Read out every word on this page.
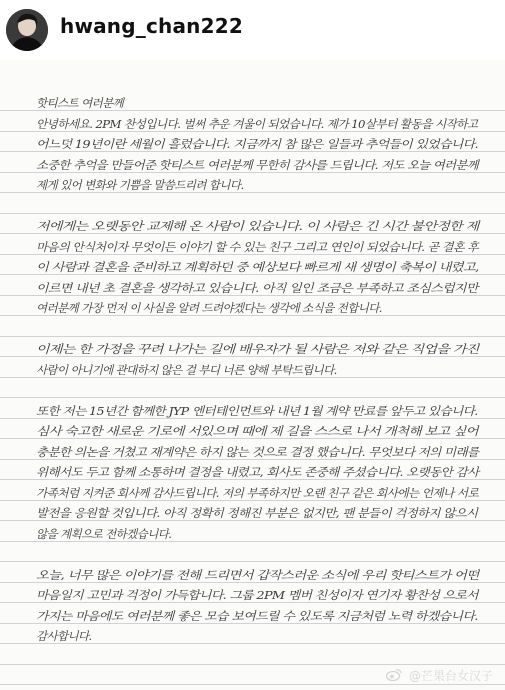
hwang_chan222
핫티스트 여러분께
안녕하세요. 2PM 찬성입니다. 벌써 추운 겨울이 되었습니다. 제가 10살부터 활동을 시작하고
어느덧 19년이란 세월이 흘렀습니다. 지금까지 참 많은 일들과 추억들이 있었습니다.
소중한 추억을 만들어준 핫티스트 여러분께 무한히 감사를 드립니다. 저도 오늘 여러분께
제게 있어 변화와 기쁨을 말씀드리려 합니다.
저에게는 오랫동안 교제해 온 사람이 있습니다. 이 사람은 긴 시간 불안정한 제
마음의 안식처이자 무엇이든 이야기 할 수 있는 친구 그리고 연인이 되었습니다. 곧 결혼 후
이 사람과 결혼을 준비하고 계획하던 중 예상보다 빠르게 새 생명이 축복이 내렸고,
이르면 내년 초 결혼을 생각하고 있습니다. 아직 일인 조금은 부족하고 조심스럽지만
여러분께 가장 먼저 이 사실을 알려 드려야겠다는 생각에 소식을 전합니다.
이제는 한 가정을 꾸려 나가는 길에 배우자가 될 사람은 저와 같은 직업을 가진
사람이 아니기에 관대하지 않은 걸 부디 너른 양해 부탁드립니다.
또한 저는 15년간 함께한 JYP 엔터테인먼트와 내년 1월 계약 만료를 앞두고 있습니다.
심사 숙고한 새로운 기로에 서있으며 때에 제 길을 스스로 나서 개척해 보고 싶어
충분한 의논을 거쳤고 재계약은 하지 않는 것으로 결정 했습니다. 무엇보다 저의 미래를
위해서도 두고 함께 소통하며 결정을 내렸고, 회사도 존중해 주셨습니다. 오랫동안 감사
가족처럼 지켜준 회사께 감사드립니다. 저의 부족하지만 오랜 친구 같은 회사에는 언제나 서로
발전을 응원할 것입니다. 아직 정확히 정해진 부분은 없지만, 팬 분들이 걱정하지 않으시
않을 계획으로 전하겠습니다.
오늘, 너무 많은 이야기를 전해 드리면서 갑작스러운 소식에 우리 핫티스트가 어떤
마음일지 고민과 걱정이 가득합니다. 그룹 2PM 멤버 친성이자 연기자 황찬성 으로서
가지는 마음에도 여러분께 좋은 모습 보여드릴 수 있도록 지금처럼 노력 하겠습니다.
감사합니다.
@芒果台女汉子
